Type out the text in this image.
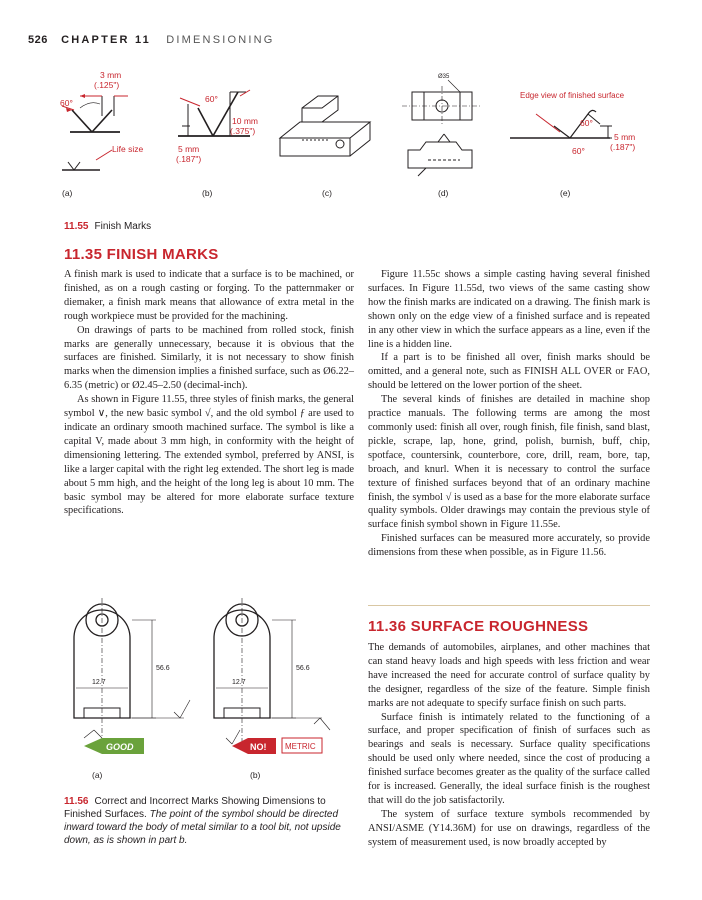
526 CHAPTER 11 DIMENSIONING
3 mm
(.125")
60°
Life size
60°
10 mm
(.375")
5 mm
(.187")
Ø35
Edge view of finished surface
60°
60°
5 mm
(.187")
(a)	(b)	(c)	(d)	(e)
11.55 Finish Marks
11.35 FINISH MARKS

A finish mark is used to indicate that a surface is to be machined, or finished, as on a rough casting or forging. To the patternmaker or diemaker, a finish mark means that allowance of extra metal in the rough workpiece must be provided for the machining.

On drawings of parts to be machined from rolled stock, finish marks are generally unnecessary, because it is obvious that the surfaces are finished. Similarly, it is not necessary to show finish marks when the dimension implies a finished surface, such as Ø6.22–6.35 (metric) or Ø2.45–2.50 (decimal-inch).

As shown in Figure 11.55, three styles of finish marks, the general symbol ∨, the new basic symbol √, and the old symbol ƒ are used to indicate an ordinary smooth machined surface. The symbol is like a capital V, made about 3 mm high, in conformity with the height of dimensioning lettering. The extended symbol, preferred by ANSI, is like a larger capital with the right leg extended. The short leg is made about 5 mm high, and the height of the long leg is about 10 mm. The basic symbol may be altered for more elaborate surface texture specifications.

Figure 11.55c shows a simple casting having several finished surfaces. In Figure 11.55d, two views of the same casting show how the finish marks are indicated on a drawing. The finish mark is shown only on the edge view of a finished surface and is repeated in any other view in which the surface appears as a line, even if the line is a hidden line.

If a part is to be finished all over, finish marks should be omitted, and a general note, such as FINISH ALL OVER or FAO, should be lettered on the lower portion of the sheet.

The several kinds of finishes are detailed in machine shop practice manuals. The following terms are among the most commonly used: finish all over, rough finish, file finish, sand blast, pickle, scrape, lap, hone, grind, polish, burnish, buff, chip, spotface, countersink, counterbore, core, drill, ream, bore, tap, broach, and knurl. When it is necessary to control the surface texture of finished surfaces beyond that of an ordinary machine finish, the symbol √ is used as a base for the more elaborate surface quality symbols. Older drawings may contain the previous style of surface finish symbol shown in Figure 11.55e.

Finished surfaces can be measured more accurately, so provide dimensions from these when possible, as in Figure 11.56.

56.6
12.7
56.6
12.7
GOOD	NO! METRIC
(a)	(b)
11.56 Correct and Incorrect Marks Showing Dimensions to Finished Surfaces. The point of the symbol should be directed inward toward the body of metal similar to a tool bit, not upside down, as is shown in part b.
11.36 SURFACE ROUGHNESS

The demands of automobiles, airplanes, and other machines that can stand heavy loads and high speeds with less friction and wear have increased the need for accurate control of surface quality by the designer, regardless of the size of the feature. Simple finish marks are not adequate to specify surface finish on such parts.

Surface finish is intimately related to the functioning of a surface, and proper specification of finish of surfaces such as bearings and seals is necessary. Surface quality specifications should be used only where needed, since the cost of producing a finished surface becomes greater as the quality of the surface called for is increased. Generally, the ideal surface finish is the roughest that will do the job satisfactorily.

The system of surface texture symbols recommended by ANSI/ASME (Y14.36M) for use on drawings, regardless of the system of measurement used, is now broadly accepted by
